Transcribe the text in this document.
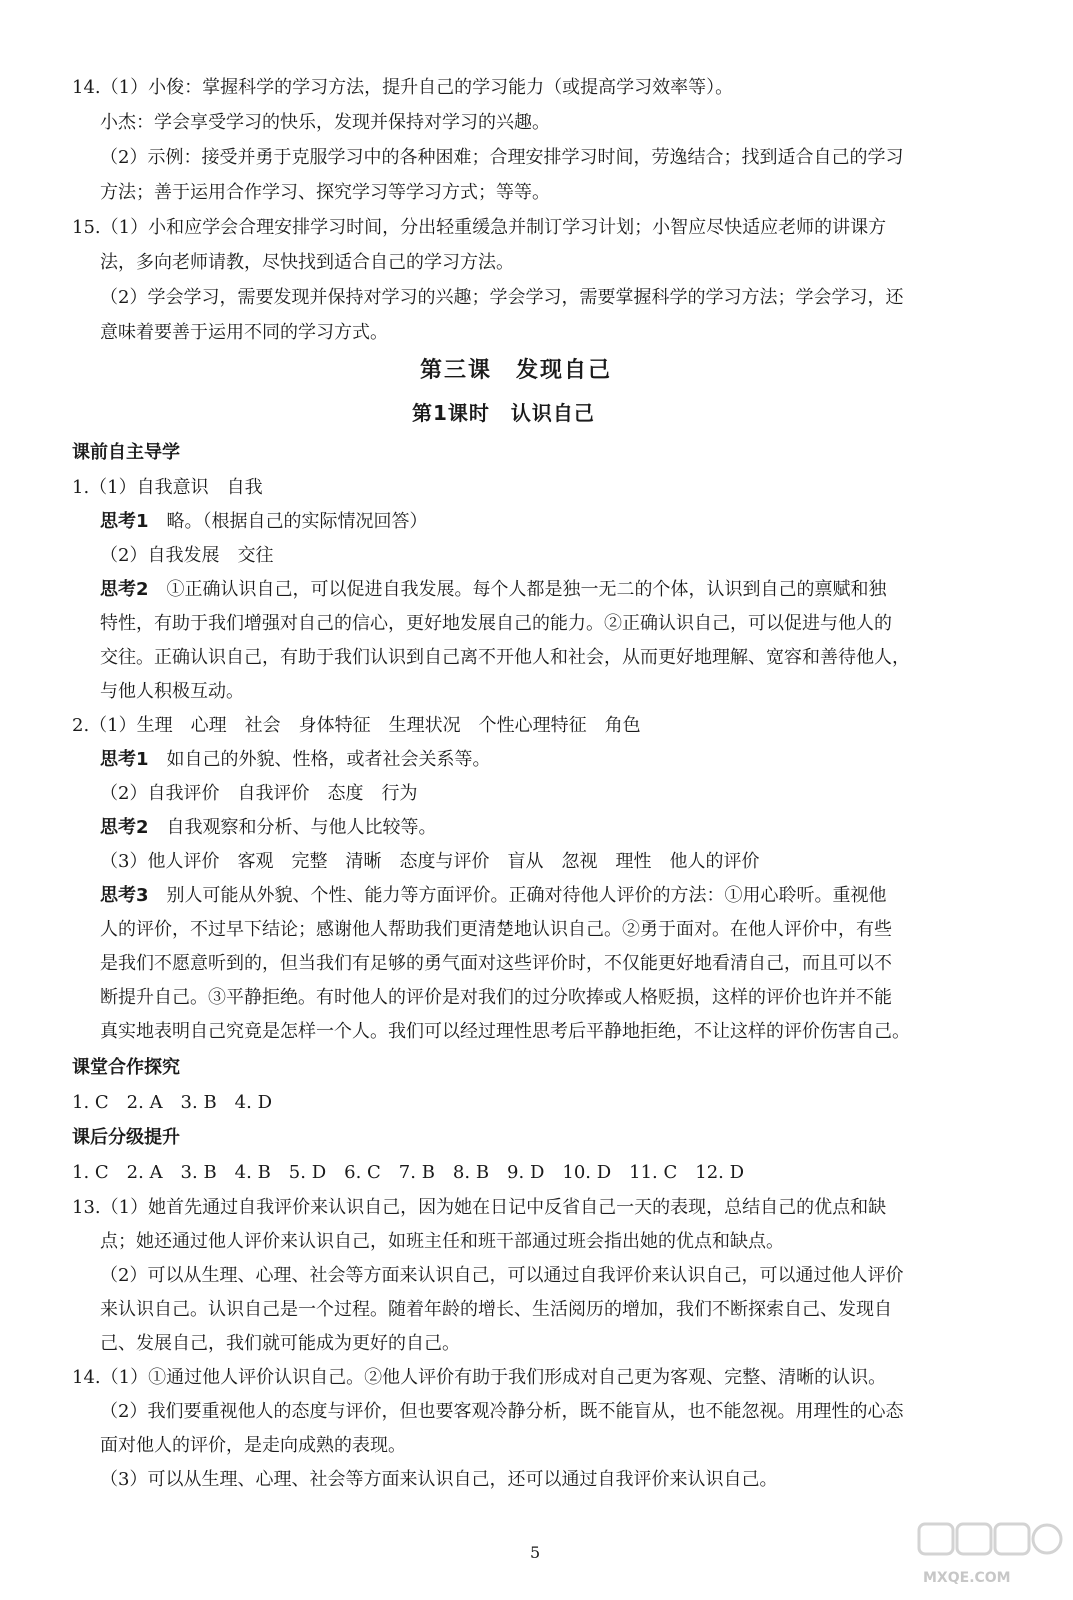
14.（1）小俊：掌握科学的学习方法，提升自己的学习能力（或提高学习效率等）。
小杰：学会享受学习的快乐，发现并保持对学习的兴趣。
（2）示例：接受并勇于克服学习中的各种困难；合理安排学习时间，劳逸结合；找到适合自己的学习
方法；善于运用合作学习、探究学习等学习方式；等等。
15.（1）小和应学会合理安排学习时间，分出轻重缓急并制订学习计划；小智应尽快适应老师的讲课方
法，多向老师请教，尽快找到适合自己的学习方法。
（2）学会学习，需要发现并保持对学习的兴趣；学会学习，需要掌握科学的学习方法；学会学习，还
意味着要善于运用不同的学习方式。
第三课　发现自己
第1课时　认识自己
课前自主导学
1.（1）自我意识　自我
思考1　 略。（根据自己的实际情况回答）
（2）自我发展　交往
思考2　 ①正确认识自己，可以促进自我发展。每个人都是独一无二的个体，认识到自己的禀赋和独
特性，有助于我们增强对自己的信心，更好地发展自己的能力。②正确认识自己，可以促进与他人的
交往。正确认识自己，有助于我们认识到自己离不开他人和社会，从而更好地理解、宽容和善待他人，
与他人积极互动。
2.（1）生理　心理　社会　身体特征　生理状况　个性心理特征　角色
思考1　 如自己的外貌、性格，或者社会关系等。
（2）自我评价　自我评价　态度　行为
思考2　 自我观察和分析、与他人比较等。
（3）他人评价　客观　完整　清晰　态度与评价　盲从　忽视　理性　他人的评价
思考3　 别人可能从外貌、个性、能力等方面评价。正确对待他人评价的方法：①用心聆听。重视他
人的评价，不过早下结论；感谢他人帮助我们更清楚地认识自己。②勇于面对。在他人评价中，有些
是我们不愿意听到的，但当我们有足够的勇气面对这些评价时，不仅能更好地看清自己，而且可以不
断提升自己。③平静拒绝。有时他人的评价是对我们的过分吹捧或人格贬损，这样的评价也许并不能
真实地表明自己究竟是怎样一个人。我们可以经过理性思考后平静地拒绝，不让这样的评价伤害自己。
课堂合作探究
1. C　2. A　3. B　4. D
课后分级提升
1. C　2. A　3. B　4. B　5. D　6. C　7. B　8. B　9. D　10. D　11. C　12. D
13.（1）她首先通过自我评价来认识自己，因为她在日记中反省自己一天的表现，总结自己的优点和缺
点；她还通过他人评价来认识自己，如班主任和班干部通过班会指出她的优点和缺点。
（2）可以从生理、心理、社会等方面来认识自己，可以通过自我评价来认识自己，可以通过他人评价
来认识自己。认识自己是一个过程。随着年龄的增长、生活阅历的增加，我们不断探索自己、发现自
己、发展自己，我们就可能成为更好的自己。
14.（1）①通过他人评价认识自己。②他人评价有助于我们形成对自己更为客观、完整、清晰的认识。
（2）我们要重视他人的态度与评价，但也要客观冷静分析，既不能盲从，也不能忽视。用理性的心态
面对他人的评价，是走向成熟的表现。
（3）可以从生理、心理、社会等方面来认识自己，还可以通过自我评价来认识自己。
5
MXQE.COM
